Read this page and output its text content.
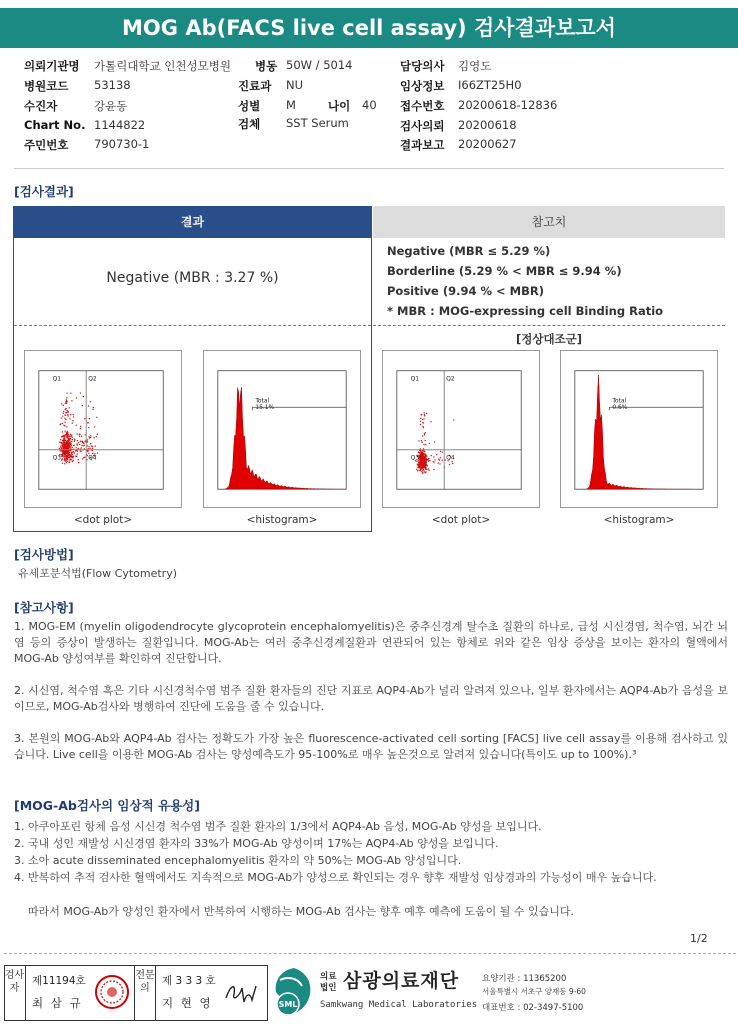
MOG Ab(FACS live cell assay) 검사결과보고서
의뢰기관명 가톨릭대학교 인천성모병원 병동 50W / 5014	담당의사 김영도
병원코드 53138	진료과 NU	임상정보 I66ZT25H0
수진자	강윤동	성별 M	나이 40 접수번호 20200618-12836
Chart No. 1144822	검체 SST Serum	검사의뢰 20200618
주민번호 790730-1	결과보고 20200627
[검사결과]
결과	참고치
Negative (MBR : 3.27 %)
Negative (MBR ≤ 5.29 %)
Borderline (5.29 % < MBR ≤ 9.94 %)
Positive (9.94 % < MBR)
* MBR : MOG-expressing cell Binding Ratio
[정상대조군]
Q1	Q2
Q3	Q4
<dot plot>
Total
15.1%
<histogram>
Q1	Q2
Q3	Q4
<dot plot>
Total
0.6%
<histogram>
[검사방법]
유세포분석법(Flow Cytometry)
[참고사항]
1. MOG-EM (myelin oligodendrocyte glycoprotein encephalomyelitis)은 중추신경계 탈수초 질환의 하나로, 급성 시신경염, 척수염, 뇌간 뇌염 등의 증상이 발생하는 질환입니다. MOG-Ab는 여러 중추신경계질환과 연관되어 있는 항체로 위와 같은 임상 증상을 보이는 환자의 혈액에서 MOG-Ab 양성여부를 확인하여 진단합니다.
2. 시신염, 척수염 혹은 기타 시신경척수염 범주 질환 환자들의 진단 지표로 AQP4-Ab가 널리 알려져 있으나, 일부 환자에서는 AQP4-Ab가 음성을 보이므로, MOG-Ab검사와 병행하여 진단에 도움을 줄 수 있습니다.
3. 본원의 MOG-Ab와 AQP4-Ab 검사는 정확도가 가장 높은 fluorescence-activated cell sorting [FACS] live cell assay를 이용해 검사하고 있습니다. Live cell을 이용한 MOG-Ab 검사는 양성예측도가 95-100%로 매우 높은것으로 알려져 있습니다(특이도 up to 100%).³
[MOG-Ab검사의 임상적 유용성]
1. 아쿠아포린 항체 음성 시신경 척수염 범주 질환 환자의 1/3에서 AQP4-Ab 음성, MOG-Ab 양성을 보입니다.
2. 국내 성인 재발성 시신경염 환자의 33%가 MOG-Ab 양성이며 17%는 AQP4-Ab 양성을 보입니다.
3. 소아 acute disseminated encephalomyelitis 환자의 약 50%는 MOG-Ab 양성입니다.
4. 반복하여 추적 검사한 혈액에서도 지속적으로 MOG-Ab가 양성으로 확인되는 경우 향후 재발성 임상경과의 가능성이 매우 높습니다.
따라서 MOG-Ab가 양성인 환자에서 반복하여 시행하는 MOG-Ab 검사는 향후 예후 예측에 도움이 될 수 있습니다.
1/2
검사자
제11194호
최 삼 규
전문의
제 3 3 3 호
지 현 영	SML
의료법인 삼광의료재단
Samkwang Medical Laboratories
요양기관 : 11365200
서울특별시 서초구 양재동 9-60
대표번호 : 02-3497-5100
